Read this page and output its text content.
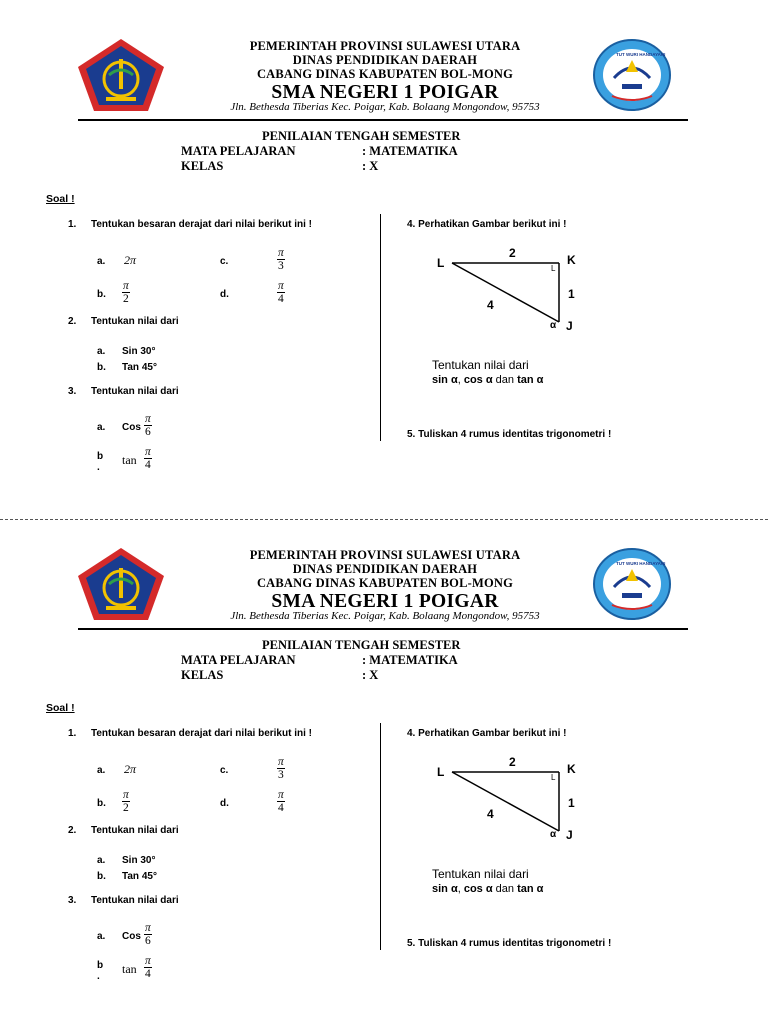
TUT WURI HANDAYANI
PEMERINTAH PROVINSI SULAWESI UTARA
DINAS PENDIDIKAN DAERAH
CABANG DINAS KABUPATEN BOL-MONG
SMA NEGERI 1 POIGAR
Jln. Bethesda Tiberias Kec. Poigar, Kab. Bolaang Mongondow, 95753
PENILAIAN TENGAH SEMESTER
MATA PELAJARAN	: MATEMATIKA
KELAS	: X
Soal !
1. Tentukan besaran derajat dari nilai berikut ini !
a. 2π	c.	$\frac{\pi}{3}$
b. $\frac{\pi}{2}$	d.	$\frac{\pi}{4}$
2. Tentukan nilai dari
a. Sin 30°
b. Tan 45°
3. Tentukan nilai dari
a. Cos $\frac{\pi}{6}$
b
.
$\tan \frac{\pi}{4}$
4. Perhatikan Gambar berikut ini !
L	K
J
2
1
4
L
α
Tentukan nilai dari
sin α, cos α dan tan α
5. Tuliskan 4 rumus identitas trigonometri !
TUT WURI HANDAYANI
PEMERINTAH PROVINSI SULAWESI UTARA
DINAS PENDIDIKAN DAERAH
CABANG DINAS KABUPATEN BOL-MONG
SMA NEGERI 1 POIGAR
Jln. Bethesda Tiberias Kec. Poigar, Kab. Bolaang Mongondow, 95753
PENILAIAN TENGAH SEMESTER
MATA PELAJARAN	: MATEMATIKA
KELAS	: X
Soal !
1. Tentukan besaran derajat dari nilai berikut ini !
a. 2π	c.	$\frac{\pi}{3}$
b. $\frac{\pi}{2}$	d.	$\frac{\pi}{4}$
2. Tentukan nilai dari
a. Sin 30°
b. Tan 45°
3. Tentukan nilai dari
a. Cos $\frac{\pi}{6}$
b
.
$\tan \frac{\pi}{4}$
4. Perhatikan Gambar berikut ini !
L	K
J
2
1
4
L
α
Tentukan nilai dari
sin α, cos α dan tan α
5. Tuliskan 4 rumus identitas trigonometri !
